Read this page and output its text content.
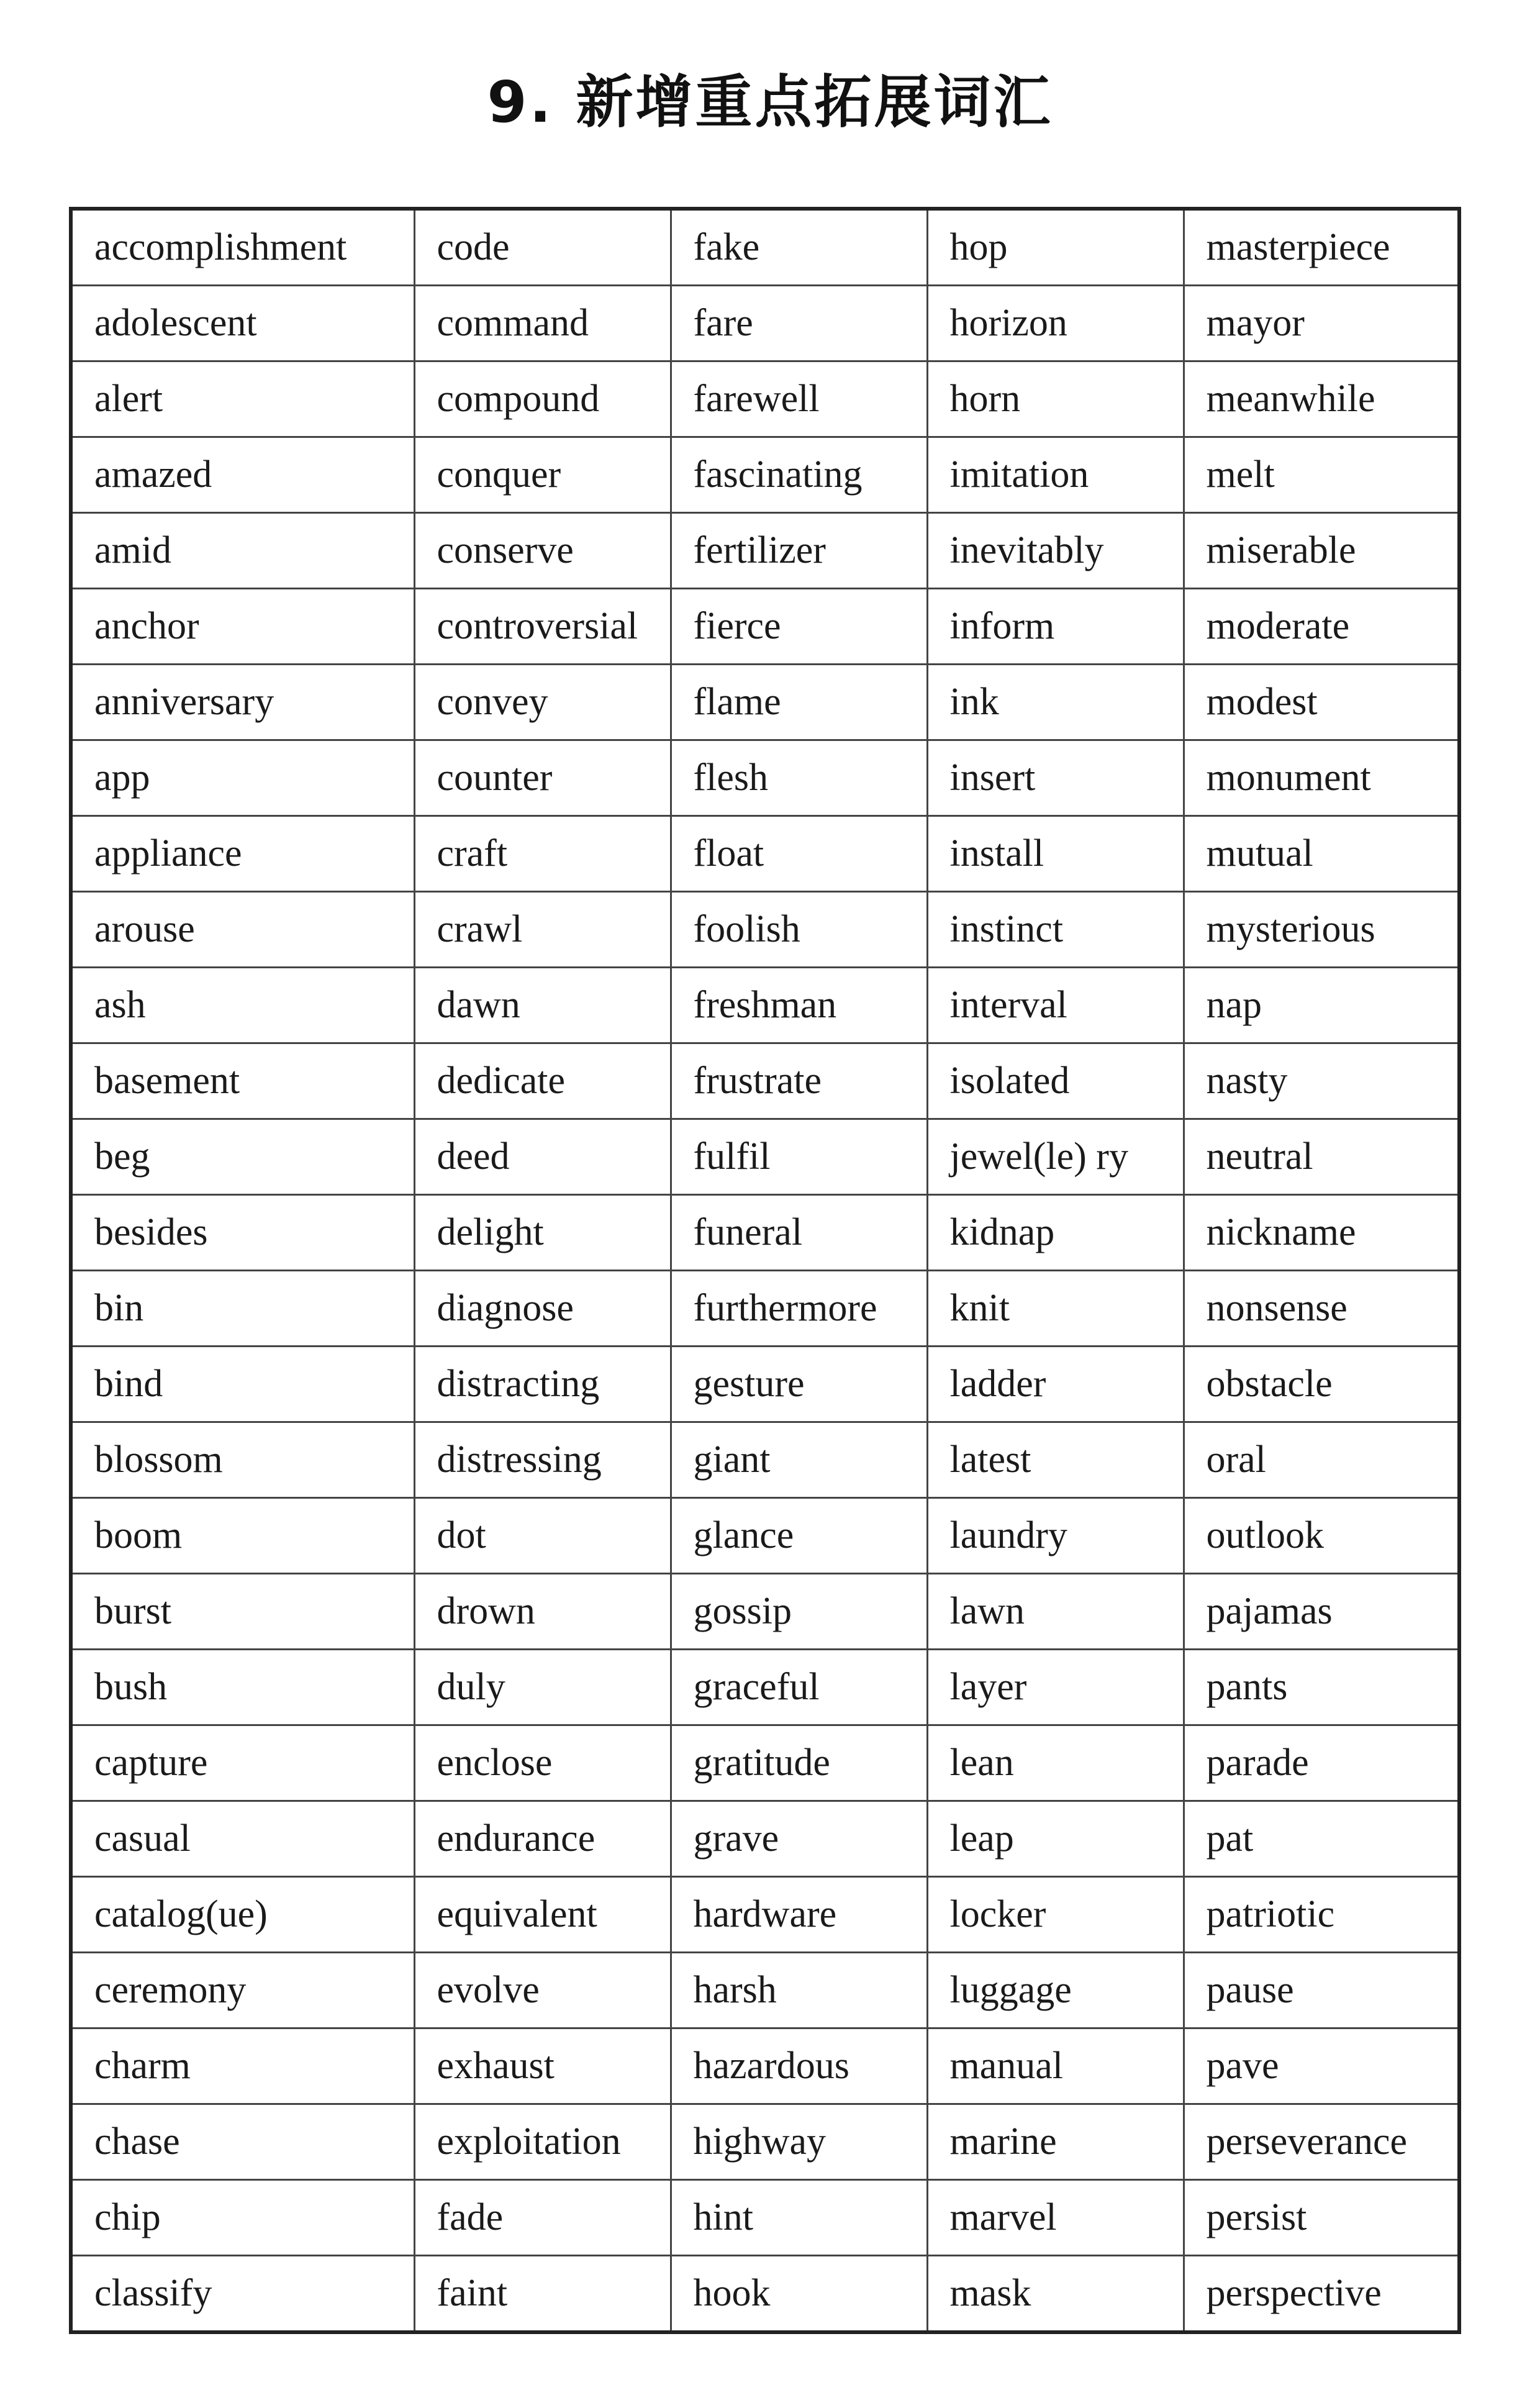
9. 新增重点拓展词汇
accomplishment	code	fake	hop	masterpiece
adolescent	command	fare	horizon	mayor
alert	compound	farewell	horn	meanwhile
amazed	conquer	fascinating	imitation	melt
amid	conserve	fertilizer	inevitably	miserable
anchor	controversial	fierce	inform	moderate
anniversary	convey	flame	ink	modest
app	counter	flesh	insert	monument
appliance	craft	float	install	mutual
arouse	crawl	foolish	instinct	mysterious
ash	dawn	freshman	interval	nap
basement	dedicate	frustrate	isolated	nasty
beg	deed	fulfil	jewel(le) ry	neutral
besides	delight	funeral	kidnap	nickname
bin	diagnose	furthermore	knit	nonsense
bind	distracting	gesture	ladder	obstacle
blossom	distressing	giant	latest	oral
boom	dot	glance	laundry	outlook
burst	drown	gossip	lawn	pajamas
bush	duly	graceful	layer	pants
capture	enclose	gratitude	lean	parade
casual	endurance	grave	leap	pat
catalog(ue)	equivalent	hardware	locker	patriotic
ceremony	evolve	harsh	luggage	pause
charm	exhaust	hazardous	manual	pave
chase	exploitation	highway	marine	perseverance
chip	fade	hint	marvel	persist
classify	faint	hook	mask	perspective
